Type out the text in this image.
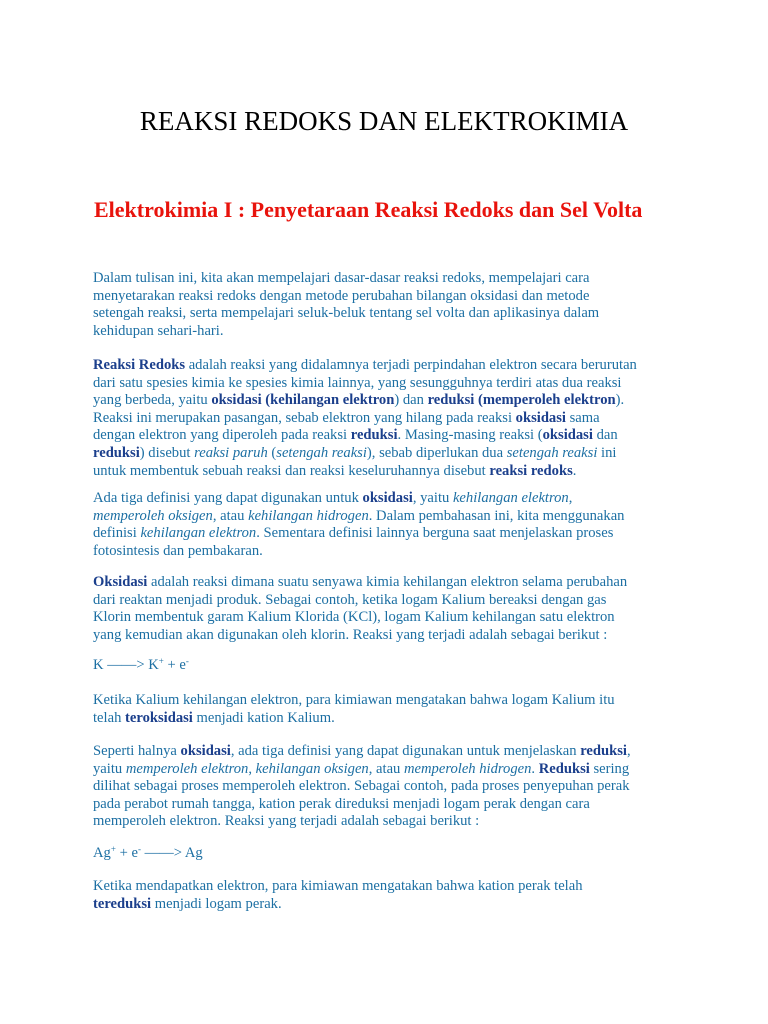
REAKSI REDOKS DAN ELEKTROKIMIA
Elektrokimia I : Penyetaraan Reaksi Redoks dan Sel Volta

Dalam tulisan ini, kita akan mempelajari dasar-dasar reaksi redoks, mempelajari cara
menyetarakan reaksi redoks dengan metode perubahan bilangan oksidasi dan metode
setengah reaksi, serta mempelajari seluk-beluk tentang sel volta dan aplikasinya dalam
kehidupan sehari-hari.

Reaksi Redoks adalah reaksi yang didalamnya terjadi perpindahan elektron secara berurutan
dari satu spesies kimia ke spesies kimia lainnya, yang sesungguhnya terdiri atas dua reaksi
yang berbeda, yaitu oksidasi (kehilangan elektron) dan reduksi (memperoleh elektron).
Reaksi ini merupakan pasangan, sebab elektron yang hilang pada reaksi oksidasi sama
dengan elektron yang diperoleh pada reaksi reduksi. Masing-masing reaksi (oksidasi dan
reduksi) disebut reaksi paruh (setengah reaksi), sebab diperlukan dua setengah reaksi ini
untuk membentuk sebuah reaksi dan reaksi keseluruhannya disebut reaksi redoks.

Ada tiga definisi yang dapat digunakan untuk oksidasi, yaitu kehilangan elektron,
memperoleh oksigen, atau kehilangan hidrogen. Dalam pembahasan ini, kita menggunakan
definisi kehilangan elektron. Sementara definisi lainnya berguna saat menjelaskan proses
fotosintesis dan pembakaran.

Oksidasi adalah reaksi dimana suatu senyawa kimia kehilangan elektron selama perubahan
dari reaktan menjadi produk. Sebagai contoh, ketika logam Kalium bereaksi dengan gas
Klorin membentuk garam Kalium Klorida (KCl), logam Kalium kehilangan satu elektron
yang kemudian akan digunakan oleh klorin. Reaksi yang terjadi adalah sebagai berikut :

K ——> K+ + e-

Ketika Kalium kehilangan elektron, para kimiawan mengatakan bahwa logam Kalium itu
telah teroksidasi menjadi kation Kalium.

Seperti halnya oksidasi, ada tiga definisi yang dapat digunakan untuk menjelaskan reduksi,
yaitu memperoleh elektron, kehilangan oksigen, atau memperoleh hidrogen. Reduksi sering
dilihat sebagai proses memperoleh elektron. Sebagai contoh, pada proses penyepuhan perak
pada perabot rumah tangga, kation perak direduksi menjadi logam perak dengan cara
memperoleh elektron. Reaksi yang terjadi adalah sebagai berikut :

Ag+ + e- ——> Ag

Ketika mendapatkan elektron, para kimiawan mengatakan bahwa kation perak telah
tereduksi menjadi logam perak.
